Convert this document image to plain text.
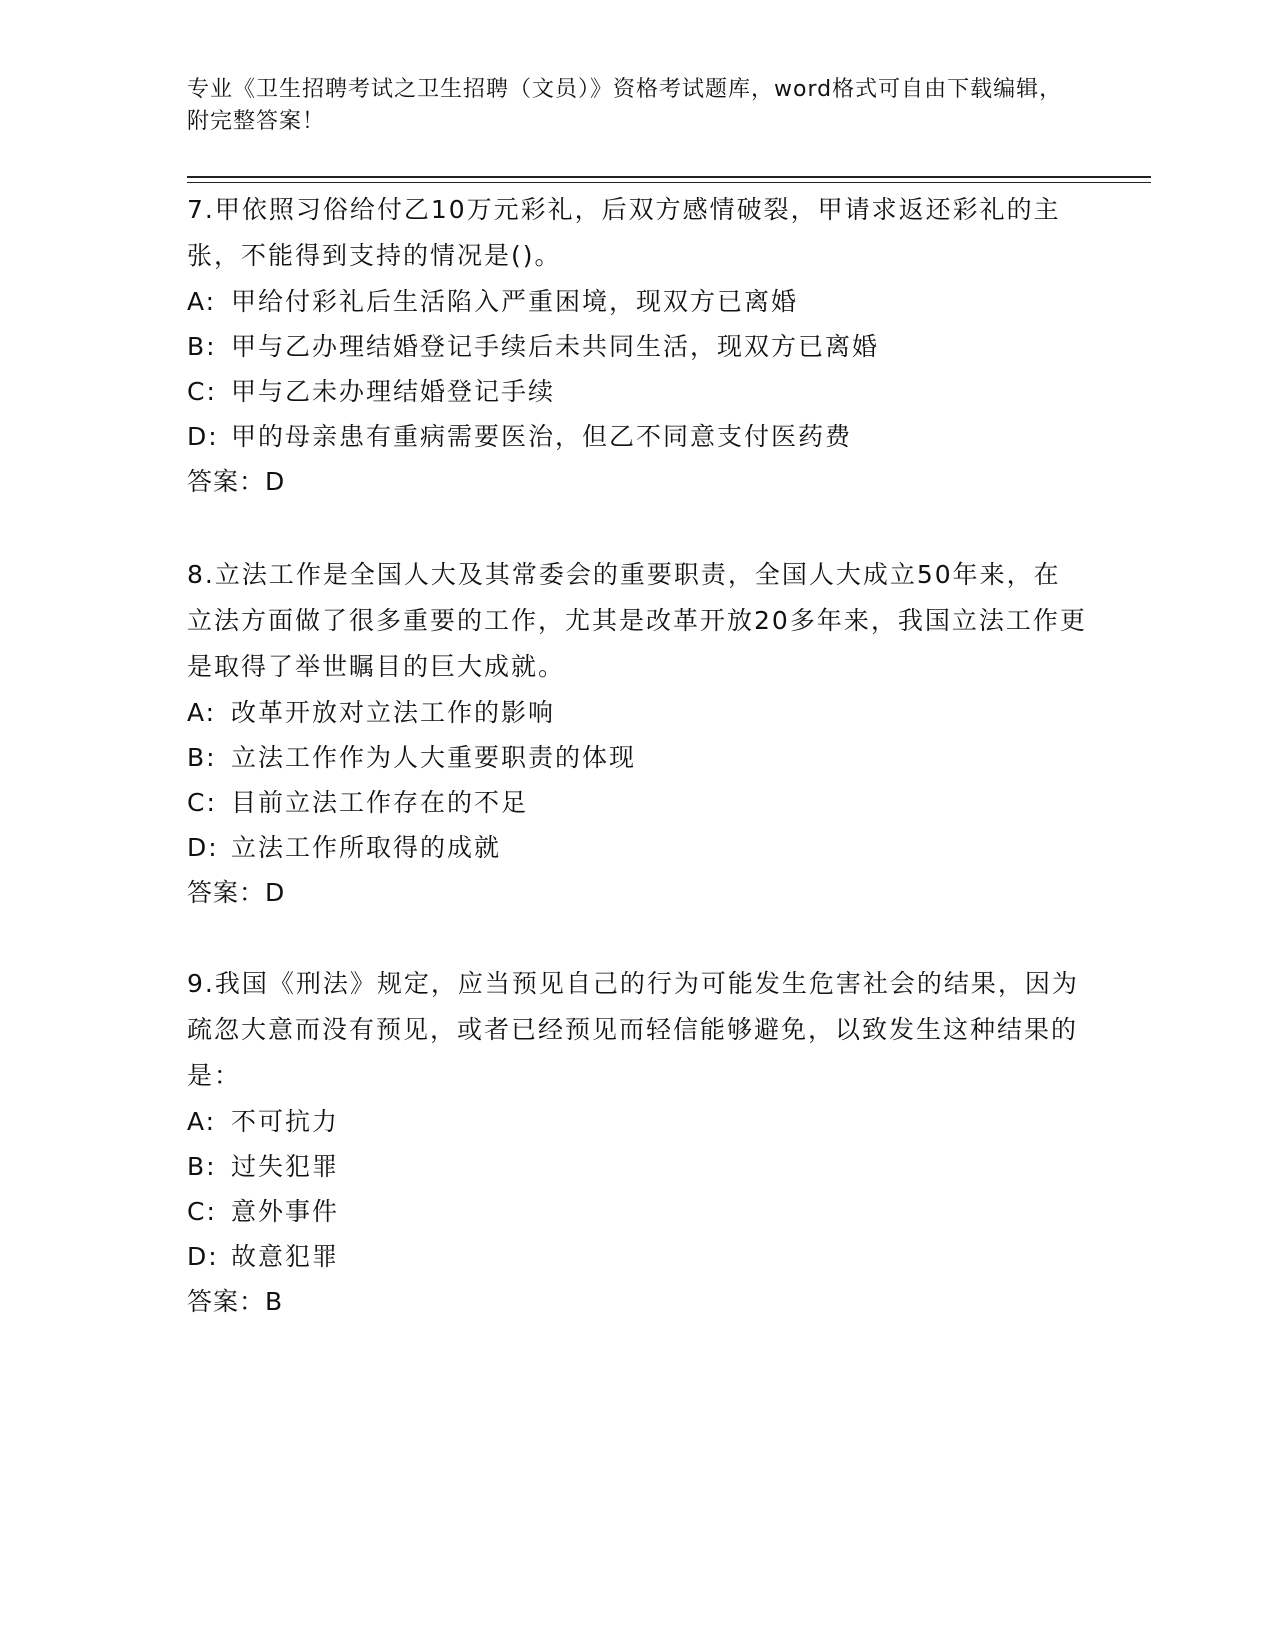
专业《卫生招聘考试之卫生招聘（文员）》资格考试题库，word格式可自由下载编辑，附完整答案！

7.甲依照习俗给付乙10万元彩礼，后双方感情破裂，甲请求返还彩礼的主张，不能得到支持的情况是()。

A: 甲给付彩礼后生活陷入严重困境，现双方已离婚

B: 甲与乙办理结婚登记手续后未共同生活，现双方已离婚

C: 甲与乙未办理结婚登记手续

D: 甲的母亲患有重病需要医治，但乙不同意支付医药费

答案：D

8.立法工作是全国人大及其常委会的重要职责，全国人大成立50年来，在立法方面做了很多重要的工作，尤其是改革开放20多年来，我国立法工作更是取得了举世瞩目的巨大成就。

A: 改革开放对立法工作的影响

B: 立法工作作为人大重要职责的体现

C: 目前立法工作存在的不足

D: 立法工作所取得的成就

答案：D

9.我国《刑法》规定，应当预见自己的行为可能发生危害社会的结果，因为疏忽大意而没有预见，或者已经预见而轻信能够避免，以致发生这种结果的是：

A: 不可抗力

B: 过失犯罪

C: 意外事件

D: 故意犯罪

答案：B
